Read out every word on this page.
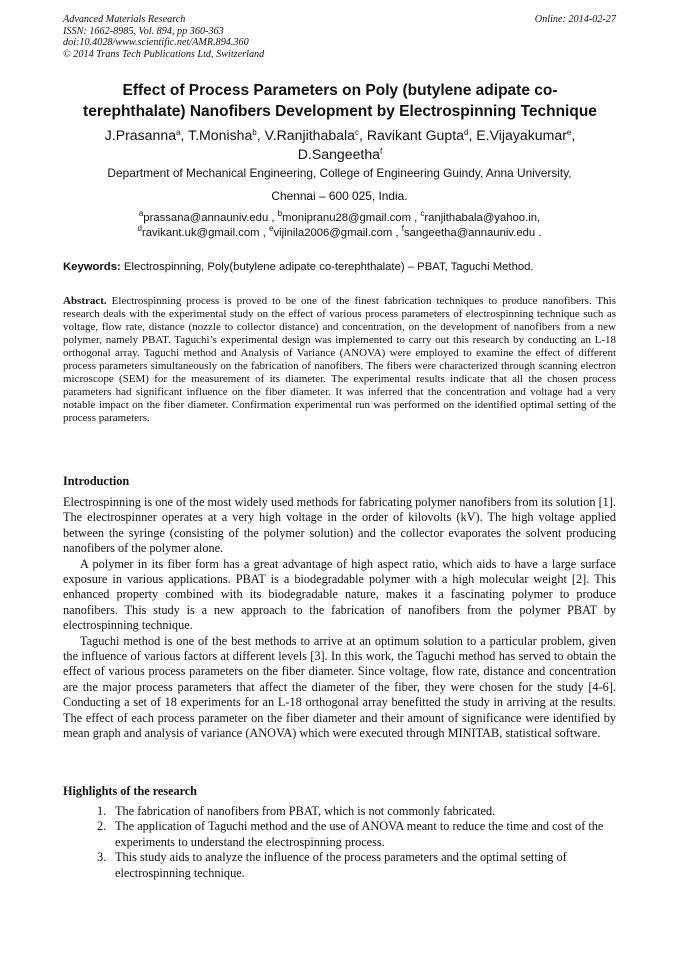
Advanced Materials Research
ISSN: 1662-8985, Vol. 894, pp 360-363
doi:10.4028/www.scientific.net/AMR.894.360
© 2014 Trans Tech Publications Ltd, Switzerland
Online: 2014-02-27
Effect of Process Parameters on Poly (butylene adipate co-
terephthalate) Nanofibers Development by Electrospinning Technique
J.Prasanna$^a$, T.Monisha$^b$, V.Ranjithabala$^c$, Ravikant Gupta$^d$, E.Vijayakumar$^e$,
D.Sangeetha$^f$
Department of Mechanical Engineering, College of Engineering Guindy, Anna University,
Chennai – 600 025, India.
$^a$prassana@annauniv.edu , $^b$monipranu28@gmail.com , $^c$ranjithabala@yahoo.in,
$^d$ravikant.uk@gmail.com , $^e$vijinila2006@gmail.com , $^f$sangeetha@annauniv.edu .
Keywords: Electrospinning, Poly(butylene adipate co-terephthalate) – PBAT, Taguchi Method.
Abstract. Electrospinning process is proved to be one of the finest fabrication techniques to produce nanofibers. This research deals with the experimental study on the effect of various process parameters of electrospinning technique such as voltage, flow rate, distance (nozzle to collector distance) and concentration, on the development of nanofibers from a new polymer, namely PBAT. Taguchi’s experimental design was implemented to carry out this research by conducting an L-18 orthogonal array. Taguchi method and Analysis of Variance (ANOVA) were employed to examine the effect of different process parameters simultaneously on the fabrication of nanofibers. The fibers were characterized through scanning electron microscope (SEM) for the measurement of its diameter. The experimental results indicate that all the chosen process parameters had significant influence on the fiber diameter. It was inferred that the concentration and voltage had a very notable impact on the fiber diameter. Confirmation experimental run was performed on the identified optimal setting of the process parameters.
Introduction

Electrospinning is one of the most widely used methods for fabricating polymer nanofibers from its solution [1]. The electrospinner operates at a very high voltage in the order of kilovolts (kV). The high voltage applied between the syringe (consisting of the polymer solution) and the collector evaporates the solvent producing nanofibers of the polymer alone.

A polymer in its fiber form has a great advantage of high aspect ratio, which aids to have a large surface exposure in various applications. PBAT is a biodegradable polymer with a high molecular weight [2]. This enhanced property combined with its biodegradable nature, makes it a fascinating polymer to produce nanofibers. This study is a new approach to the fabrication of nanofibers from the polymer PBAT by electrospinning technique.

Taguchi method is one of the best methods to arrive at an optimum solution to a particular problem, given the influence of various factors at different levels [3]. In this work, the Taguchi method has served to obtain the effect of various process parameters on the fiber diameter. Since voltage, flow rate, distance and concentration are the major process parameters that affect the diameter of the fiber, they were chosen for the study [4-6]. Conducting a set of 18 experiments for an L-18 orthogonal array benefitted the study in arriving at the results. The effect of each process parameter on the fiber diameter and their amount of significance were identified by mean graph and analysis of variance (ANOVA) which were executed through MINITAB, statistical software.

Highlights of the research
1. The fabrication of nanofibers from PBAT, which is not commonly fabricated.
2. The application of Taguchi method and the use of ANOVA meant to reduce the time and cost of the experiments to understand the electrospinning process.
3. This study aids to analyze the influence of the process parameters and the optimal setting of electrospinning technique.
